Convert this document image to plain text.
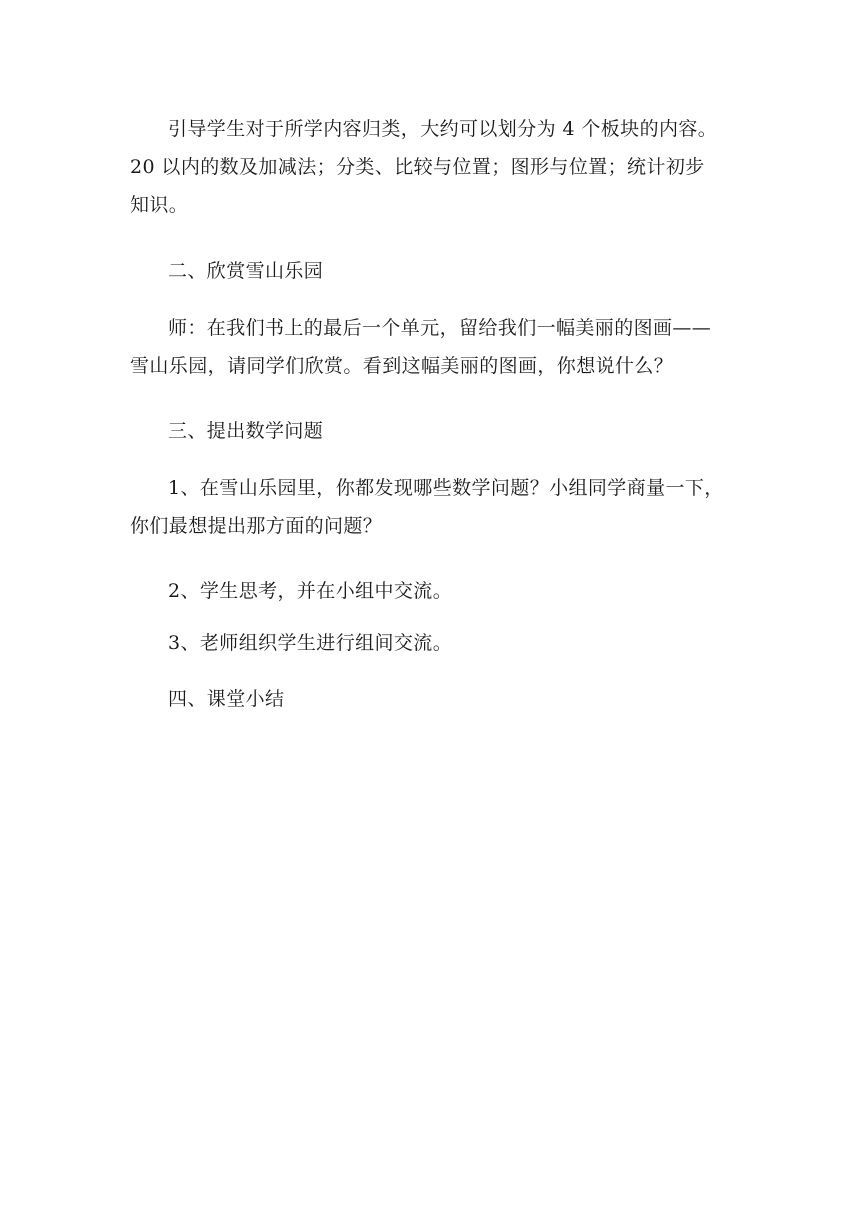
引导学生对于所学内容归类，大约可以划分为 4 个板块的内容。
20 以内的数及加减法；分类、比较与位置；图形与位置；统计初步
知识。
二、欣赏雪山乐园
师：在我们书上的最后一个单元，留给我们一幅美丽的图画——
雪山乐园，请同学们欣赏。看到这幅美丽的图画，你想说什么？
三、提出数学问题
1、在雪山乐园里，你都发现哪些数学问题？小组同学商量一下，
你们最想提出那方面的问题？
2、学生思考，并在小组中交流。
3、老师组织学生进行组间交流。
四、课堂小结
